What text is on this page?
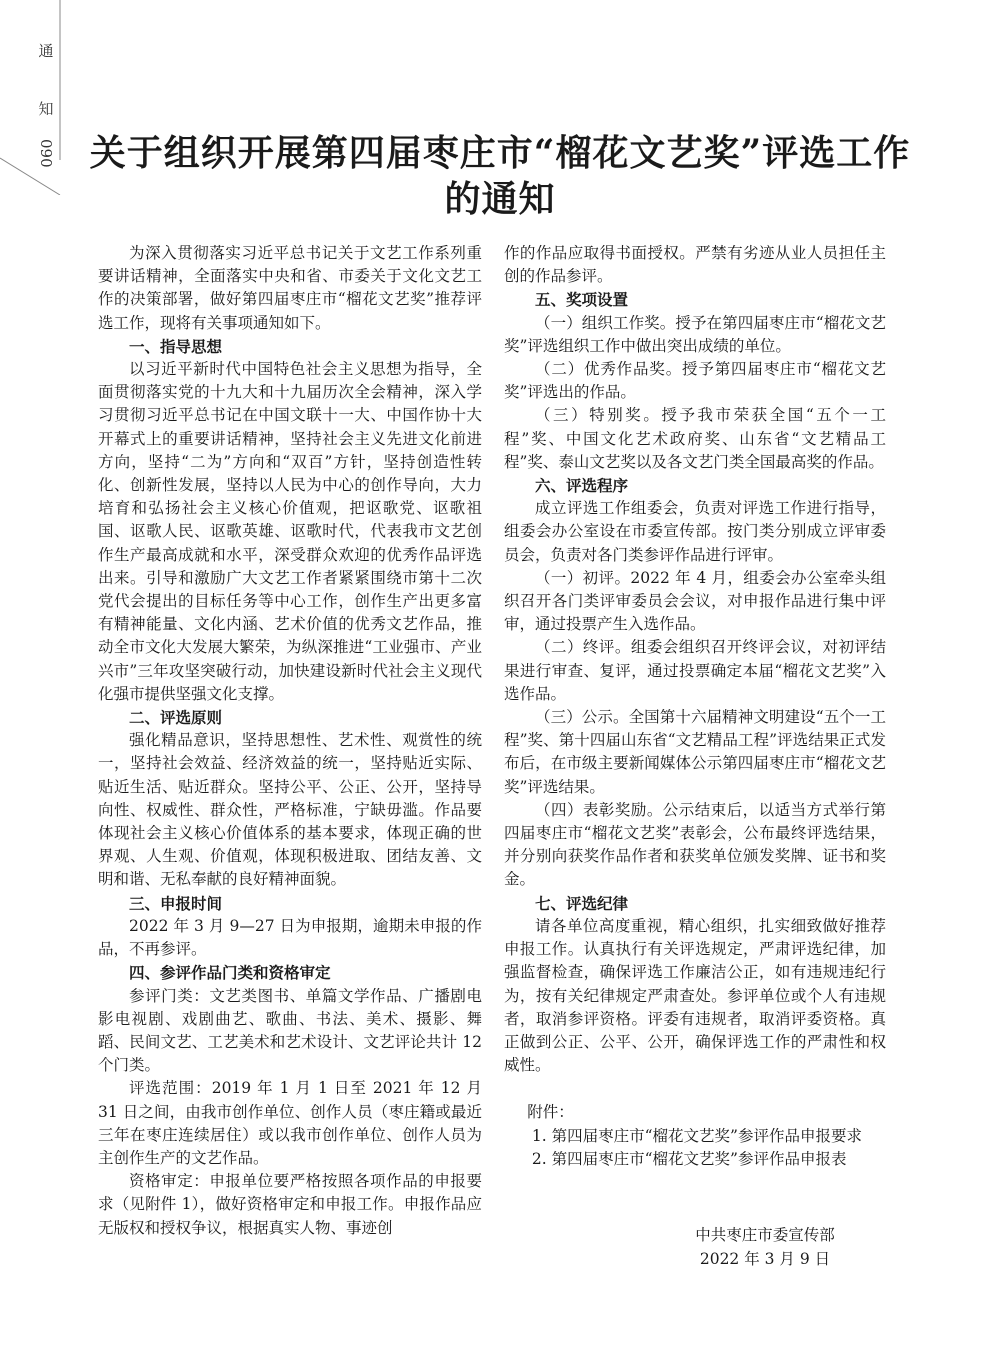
通
知
090 关于组织开展第四届枣庄市“榴花文艺奖”评选工作的通知

为深入贯彻落实习近平总书记关于文艺工作系列重要讲话精神，全面落实中央和省、市委关于文化文艺工作的决策部署，做好第四届枣庄市“榴花文艺奖”推荐评选工作，现将有关事项通知如下。

一、指导思想

以习近平新时代中国特色社会主义思想为指导，全面贯彻落实党的十九大和十九届历次全会精神，深入学习贯彻习近平总书记在中国文联十一大、中国作协十大开幕式上的重要讲话精神，坚持社会主义先进文化前进方向，坚持“二为”方向和“双百”方针，坚持创造性转化、创新性发展，坚持以人民为中心的创作导向，大力培育和弘扬社会主义核心价值观，把讴歌党、讴歌祖国、讴歌人民、讴歌英雄、讴歌时代，代表我市文艺创作生产最高成就和水平，深受群众欢迎的优秀作品评选出来。引导和激励广大文艺工作者紧紧围绕市第十二次党代会提出的目标任务等中心工作，创作生产出更多富有精神能量、文化内涵、艺术价值的优秀文艺作品，推动全市文化大发展大繁荣，为纵深推进“工业强市、产业兴市”三年攻坚突破行动，加快建设新时代社会主义现代化强市提供坚强文化支撑。

二、评选原则

强化精品意识，坚持思想性、艺术性、观赏性的统一，坚持社会效益、经济效益的统一，坚持贴近实际、贴近生活、贴近群众。坚持公平、公正、公开，坚持导向性、权威性、群众性，严格标准，宁缺毋滥。作品要体现社会主义核心价值体系的基本要求，体现正确的世界观、人生观、价值观，体现积极进取、团结友善、文明和谐、无私奉献的良好精神面貌。

三、申报时间

2022 年 3 月 9—27 日为申报期，逾期未申报的作品，不再参评。

四、参评作品门类和资格审定

参评门类：文艺类图书、单篇文学作品、广播剧电影电视剧、戏剧曲艺、歌曲、书法、美术、摄影、舞蹈、民间文艺、工艺美术和艺术设计、文艺评论共计 12 个门类。

评选范围：2019 年 1 月 1 日至 2021 年 12 月 31 日之间，由我市创作单位、创作人员（枣庄籍或最近三年在枣庄连续居住）或以我市创作单位、创作人员为主创作生产的文艺作品。

资格审定：申报单位要严格按照各项作品的申报要求（见附件 1），做好资格审定和申报工作。申报作品应无版权和授权争议，根据真实人物、事迹创

作的作品应取得书面授权。严禁有劣迹从业人员担任主创的作品参评。

五、奖项设置

（一）组织工作奖。授予在第四届枣庄市“榴花文艺奖”评选组织工作中做出突出成绩的单位。

（二）优秀作品奖。授予第四届枣庄市“榴花文艺奖”评选出的作品。

（三）特别奖。授予我市荣获全国“五个一工程”奖、中国文化艺术政府奖、山东省“文艺精品工程”奖、泰山文艺奖以及各文艺门类全国最高奖的作品。

六、评选程序

成立评选工作组委会，负责对评选工作进行指导，组委会办公室设在市委宣传部。按门类分别成立评审委员会，负责对各门类参评作品进行评审。

（一）初评。2022 年 4 月，组委会办公室牵头组织召开各门类评审委员会会议，对申报作品进行集中评审，通过投票产生入选作品。

（二）终评。组委会组织召开终评会议，对初评结果进行审查、复评，通过投票确定本届“榴花文艺奖”入选作品。

（三）公示。全国第十六届精神文明建设“五个一工程”奖、第十四届山东省“文艺精品工程”评选结果正式发布后，在市级主要新闻媒体公示第四届枣庄市“榴花文艺奖”评选结果。

（四）表彰奖励。公示结束后，以适当方式举行第四届枣庄市“榴花文艺奖”表彰会，公布最终评选结果，并分别向获奖作品作者和获奖单位颁发奖牌、证书和奖金。

七、评选纪律

请各单位高度重视，精心组织，扎实细致做好推荐申报工作。认真执行有关评选规定，严肃评选纪律，加强监督检查，确保评选工作廉洁公正，如有违规违纪行为，按有关纪律规定严肃查处。参评单位或个人有违规者，取消参评资格。评委有违规者，取消评委资格。真正做到公正、公平、公开，确保评选工作的严肃性和权威性。

附件：

1. 第四届枣庄市“榴花文艺奖”参评作品申报要求

2. 第四届枣庄市“榴花文艺奖”参评作品申报表

中共枣庄市委宣传部
2022 年 3 月 9 日
